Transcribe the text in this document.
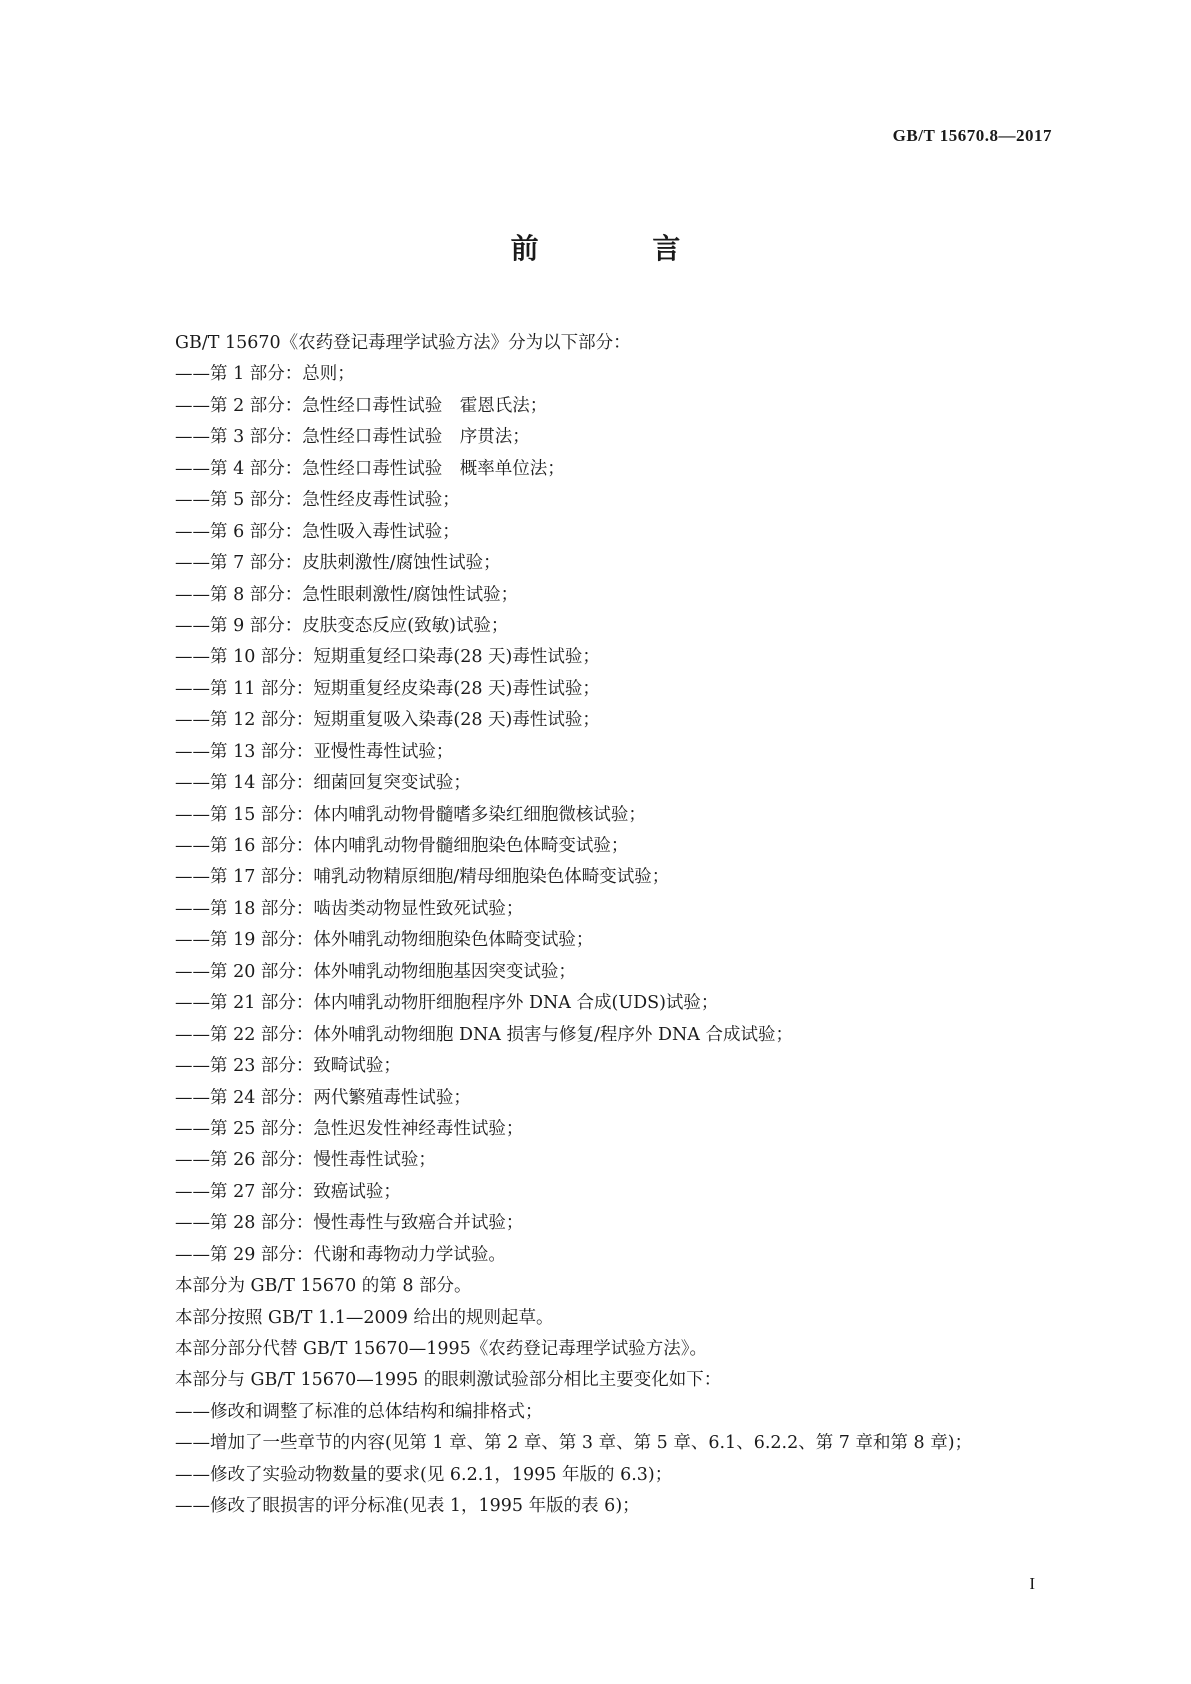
GB/T 15670.8—2017
前 言
GB/T 15670《农药登记毒理学试验方法》分为以下部分：
——第 1 部分：总则；
——第 2 部分：急性经口毒性试验　霍恩氏法；
——第 3 部分：急性经口毒性试验　序贯法；
——第 4 部分：急性经口毒性试验　概率单位法；
——第 5 部分：急性经皮毒性试验；
——第 6 部分：急性吸入毒性试验；
——第 7 部分：皮肤刺激性/腐蚀性试验；
——第 8 部分：急性眼刺激性/腐蚀性试验；
——第 9 部分：皮肤变态反应(致敏)试验；
——第 10 部分：短期重复经口染毒(28 天)毒性试验；
——第 11 部分：短期重复经皮染毒(28 天)毒性试验；
——第 12 部分：短期重复吸入染毒(28 天)毒性试验；
——第 13 部分：亚慢性毒性试验；
——第 14 部分：细菌回复突变试验；
——第 15 部分：体内哺乳动物骨髓嗜多染红细胞微核试验；
——第 16 部分：体内哺乳动物骨髓细胞染色体畸变试验；
——第 17 部分：哺乳动物精原细胞/精母细胞染色体畸变试验；
——第 18 部分：啮齿类动物显性致死试验；
——第 19 部分：体外哺乳动物细胞染色体畸变试验；
——第 20 部分：体外哺乳动物细胞基因突变试验；
——第 21 部分：体内哺乳动物肝细胞程序外 DNA 合成(UDS)试验；
——第 22 部分：体外哺乳动物细胞 DNA 损害与修复/程序外 DNA 合成试验；
——第 23 部分：致畸试验；
——第 24 部分：两代繁殖毒性试验；
——第 25 部分：急性迟发性神经毒性试验；
——第 26 部分：慢性毒性试验；
——第 27 部分：致癌试验；
——第 28 部分：慢性毒性与致癌合并试验；
——第 29 部分：代谢和毒物动力学试验。
本部分为 GB/T 15670 的第 8 部分。
本部分按照 GB/T 1.1—2009 给出的规则起草。
本部分部分代替 GB/T 15670—1995《农药登记毒理学试验方法》。
本部分与 GB/T 15670—1995 的眼刺激试验部分相比主要变化如下：
——修改和调整了标准的总体结构和编排格式；
——增加了一些章节的内容(见第 1 章、第 2 章、第 3 章、第 5 章、6.1、6.2.2、第 7 章和第 8 章)；
——修改了实验动物数量的要求(见 6.2.1，1995 年版的 6.3)；
——修改了眼损害的评分标准(见表 1，1995 年版的表 6)；
I
